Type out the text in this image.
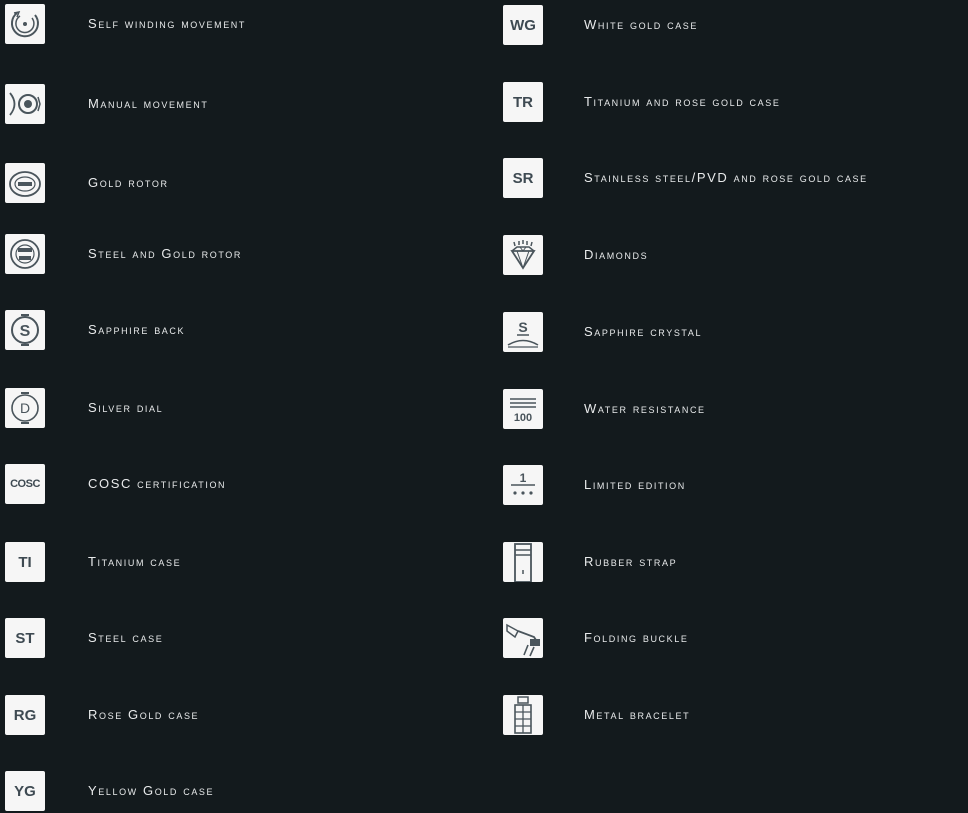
Self winding movement
Manual movement
Gold rotor
Steel and Gold rotor
S	Sapphire back
D	Silver dial
COSC	COSC certification
TI	Titanium case
ST	Steel case
RG	Rose Gold case
YG	Yellow Gold case
WG	White gold case
TR	Titanium and rose gold case
SR	Stainless steel/PVD and rose gold case
Diamonds
S	Sapphire crystal
100
Water resistance
1	Limited edition
Rubber strap
Folding buckle
Metal bracelet
